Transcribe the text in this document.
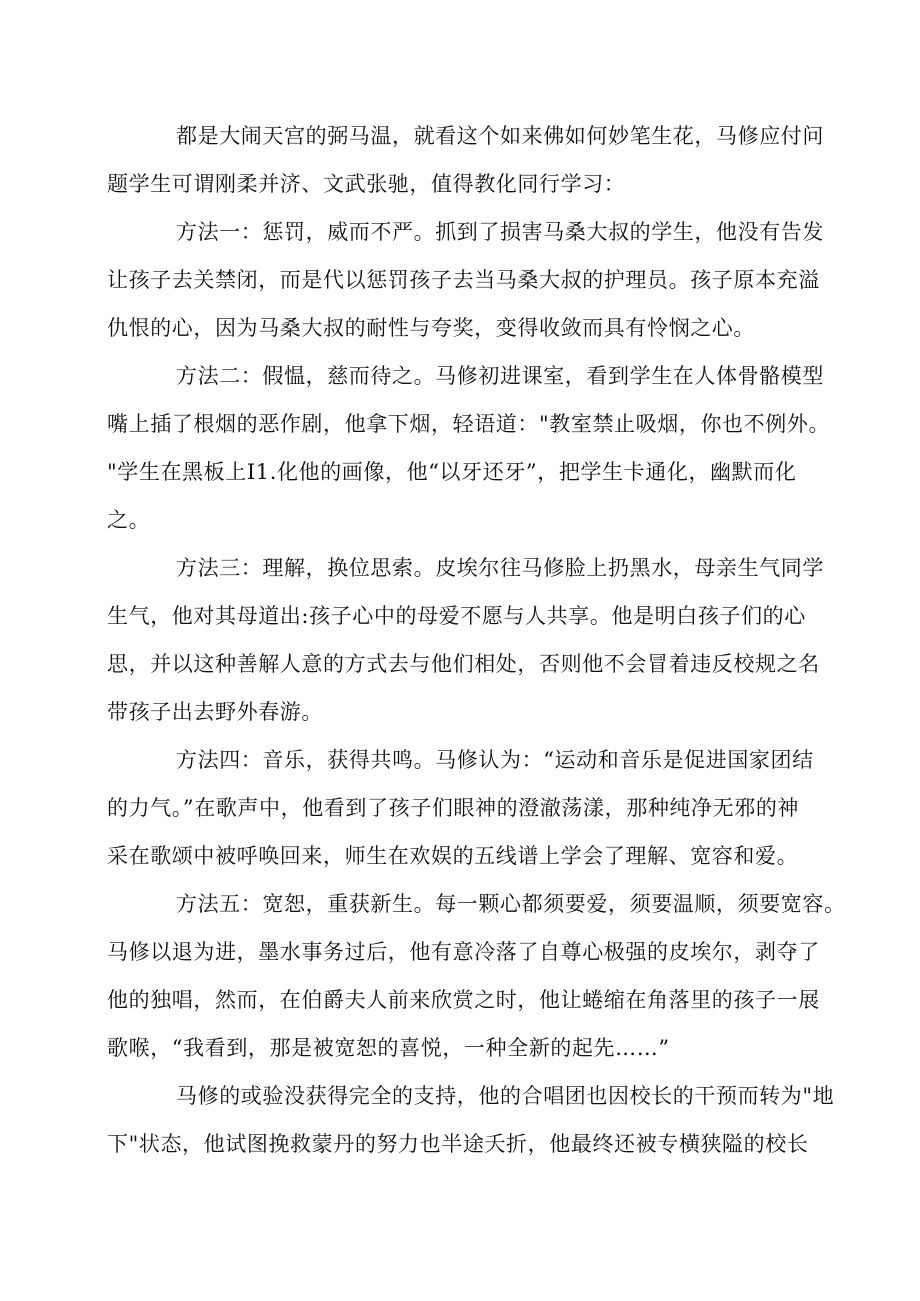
都是大闹天宫的弼马温，就看这个如来佛如何妙笔生花，马修应付问
题学生可谓刚柔并济、文武张驰，值得教化同行学习：
方法一：惩罚，威而不严。抓到了损害马桑大叔的学生，他没有告发
让孩子去关禁闭，而是代以惩罚孩子去当马桑大叔的护理员。孩子原本充溢
仇恨的心，因为马桑大叔的耐性与夸奖，变得收敛而具有怜悯之心。
方法二：假愠，慈而待之。马修初进课室，看到学生在人体骨骼模型
嘴上插了根烟的恶作剧，他拿下烟，轻语道："教室禁止吸烟，你也不例外。
"学生在黑板上I1.化他的画像，他“以牙还牙”，把学生卡通化，幽默而化
之。
方法三：理解，换位思索。皮埃尔往马修脸上扔黑水，母亲生气同学
生气，他对其母道出:孩子心中的母爱不愿与人共享。他是明白孩子们的心
思，并以这种善解人意的方式去与他们相处，否则他不会冒着违反校规之名
带孩子出去野外春游。
方法四：音乐，获得共鸣。马修认为：“运动和音乐是促进国家团结
的力气。”在歌声中，他看到了孩子们眼神的澄澈荡漾，那种纯净无邪的神
采在歌颂中被呼唤回来，师生在欢娱的五线谱上学会了理解、宽容和爱。
方法五：宽恕，重获新生。每一颗心都须要爱，须要温顺，须要宽容。
马修以退为进，墨水事务过后，他有意冷落了自尊心极强的皮埃尔，剥夺了
他的独唱，然而，在伯爵夫人前来欣赏之时，他让蜷缩在角落里的孩子一展
歌喉，“我看到，那是被宽恕的喜悦，一种全新的起先……”
马修的或验没获得完全的支持，他的合唱团也因校长的干预而转为"地
下"状态，他试图挽救蒙丹的努力也半途夭折，他最终还被专横狭隘的校长
